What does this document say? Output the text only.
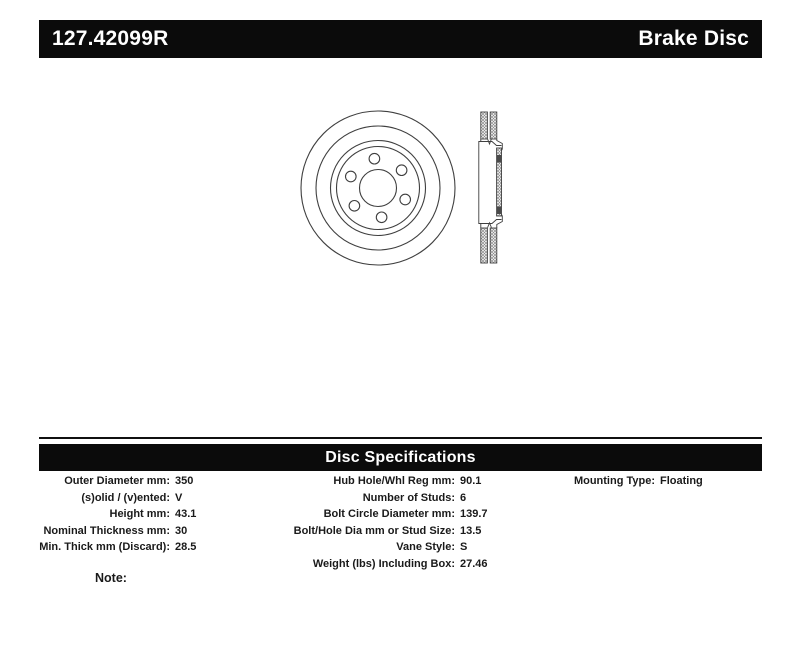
127.42099R	Brake Disc
Disc Specifications
Outer Diameter mm: 350
(s)olid / (v)ented: V
Height mm: 43.1
Nominal Thickness mm: 30
Min. Thick mm (Discard): 28.5
Hub Hole/Whl Reg mm: 90.1
Number of Studs: 6
Bolt Circle Diameter mm: 139.7
Bolt/Hole Dia mm or Stud Size: 13.5
Vane Style: S
Weight (lbs) Including Box: 27.46
Mounting Type: Floating
Note:
